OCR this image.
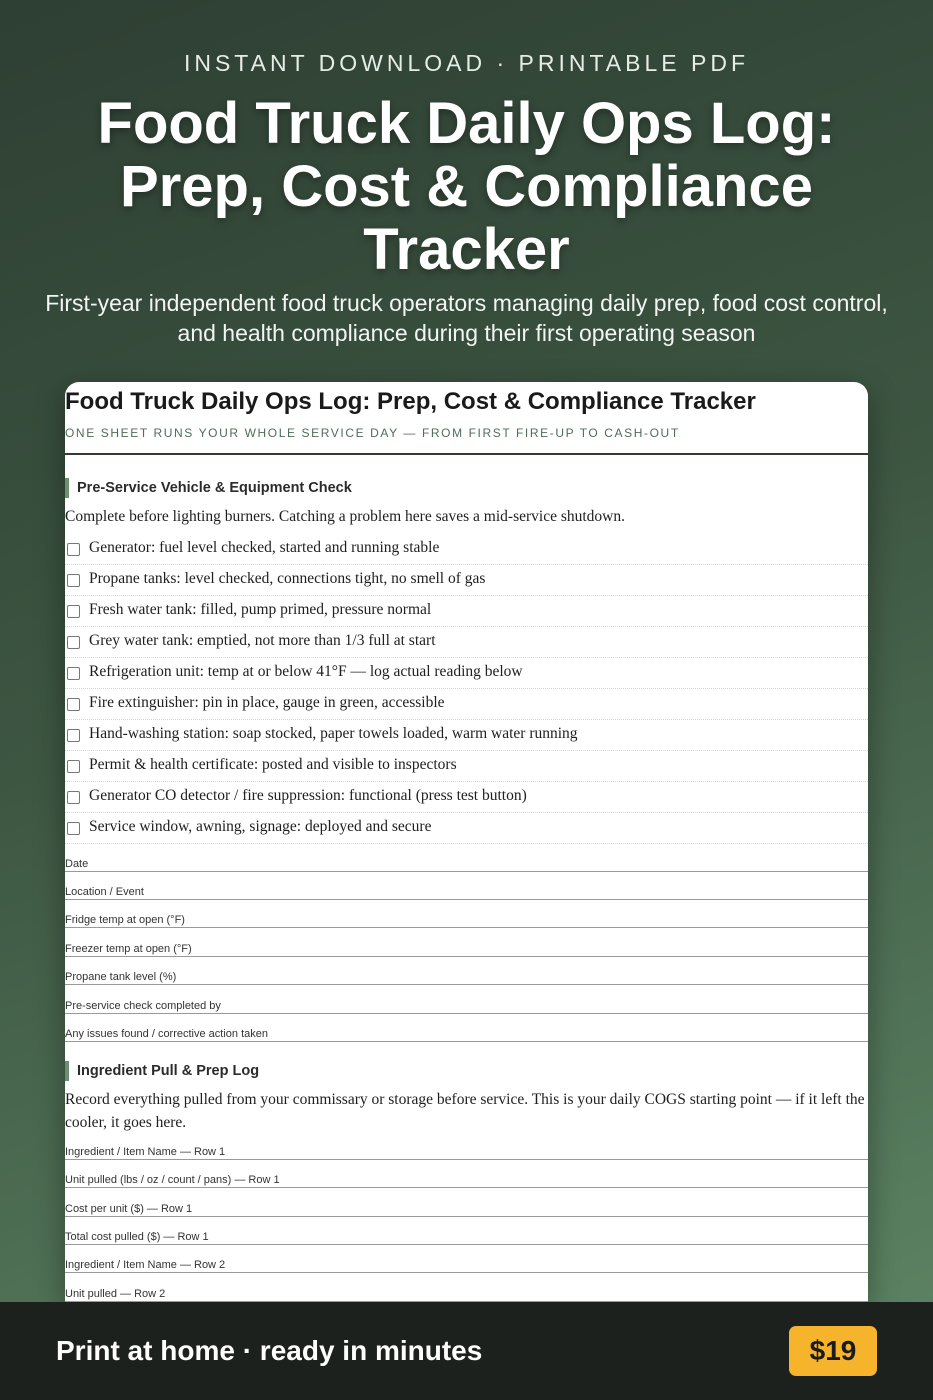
INSTANT DOWNLOAD · PRINTABLE PDF
Food Truck Daily Ops Log: Prep, Cost & Compliance Tracker
First-year independent food truck operators managing daily prep, food cost control, and health compliance during their first operating season
Food Truck Daily Ops Log: Prep, Cost & Compliance Tracker
ONE SHEET RUNS YOUR WHOLE SERVICE DAY — FROM FIRST FIRE-UP TO CASH-OUT
Pre-Service Vehicle & Equipment Check
Complete before lighting burners. Catching a problem here saves a mid-service shutdown.
Generator: fuel level checked, started and running stable
Propane tanks: level checked, connections tight, no smell of gas
Fresh water tank: filled, pump primed, pressure normal
Grey water tank: emptied, not more than 1/3 full at start
Refrigeration unit: temp at or below 41°F — log actual reading below
Fire extinguisher: pin in place, gauge in green, accessible
Hand-washing station: soap stocked, paper towels loaded, warm water running
Permit & health certificate: posted and visible to inspectors
Generator CO detector / fire suppression: functional (press test button)
Service window, awning, signage: deployed and secure
Date
Location / Event
Fridge temp at open (°F)
Freezer temp at open (°F)
Propane tank level (%)
Pre-service check completed by
Any issues found / corrective action taken
Ingredient Pull & Prep Log
Record everything pulled from your commissary or storage before service. This is your daily COGS starting point — if it left the cooler, it goes here.
Ingredient / Item Name — Row 1
Unit pulled (lbs / oz / count / pans) — Row 1
Cost per unit ($) — Row 1
Total cost pulled ($) — Row 1
Ingredient / Item Name — Row 2
Unit pulled — Row 2
Print at home · ready in minutes	$19
